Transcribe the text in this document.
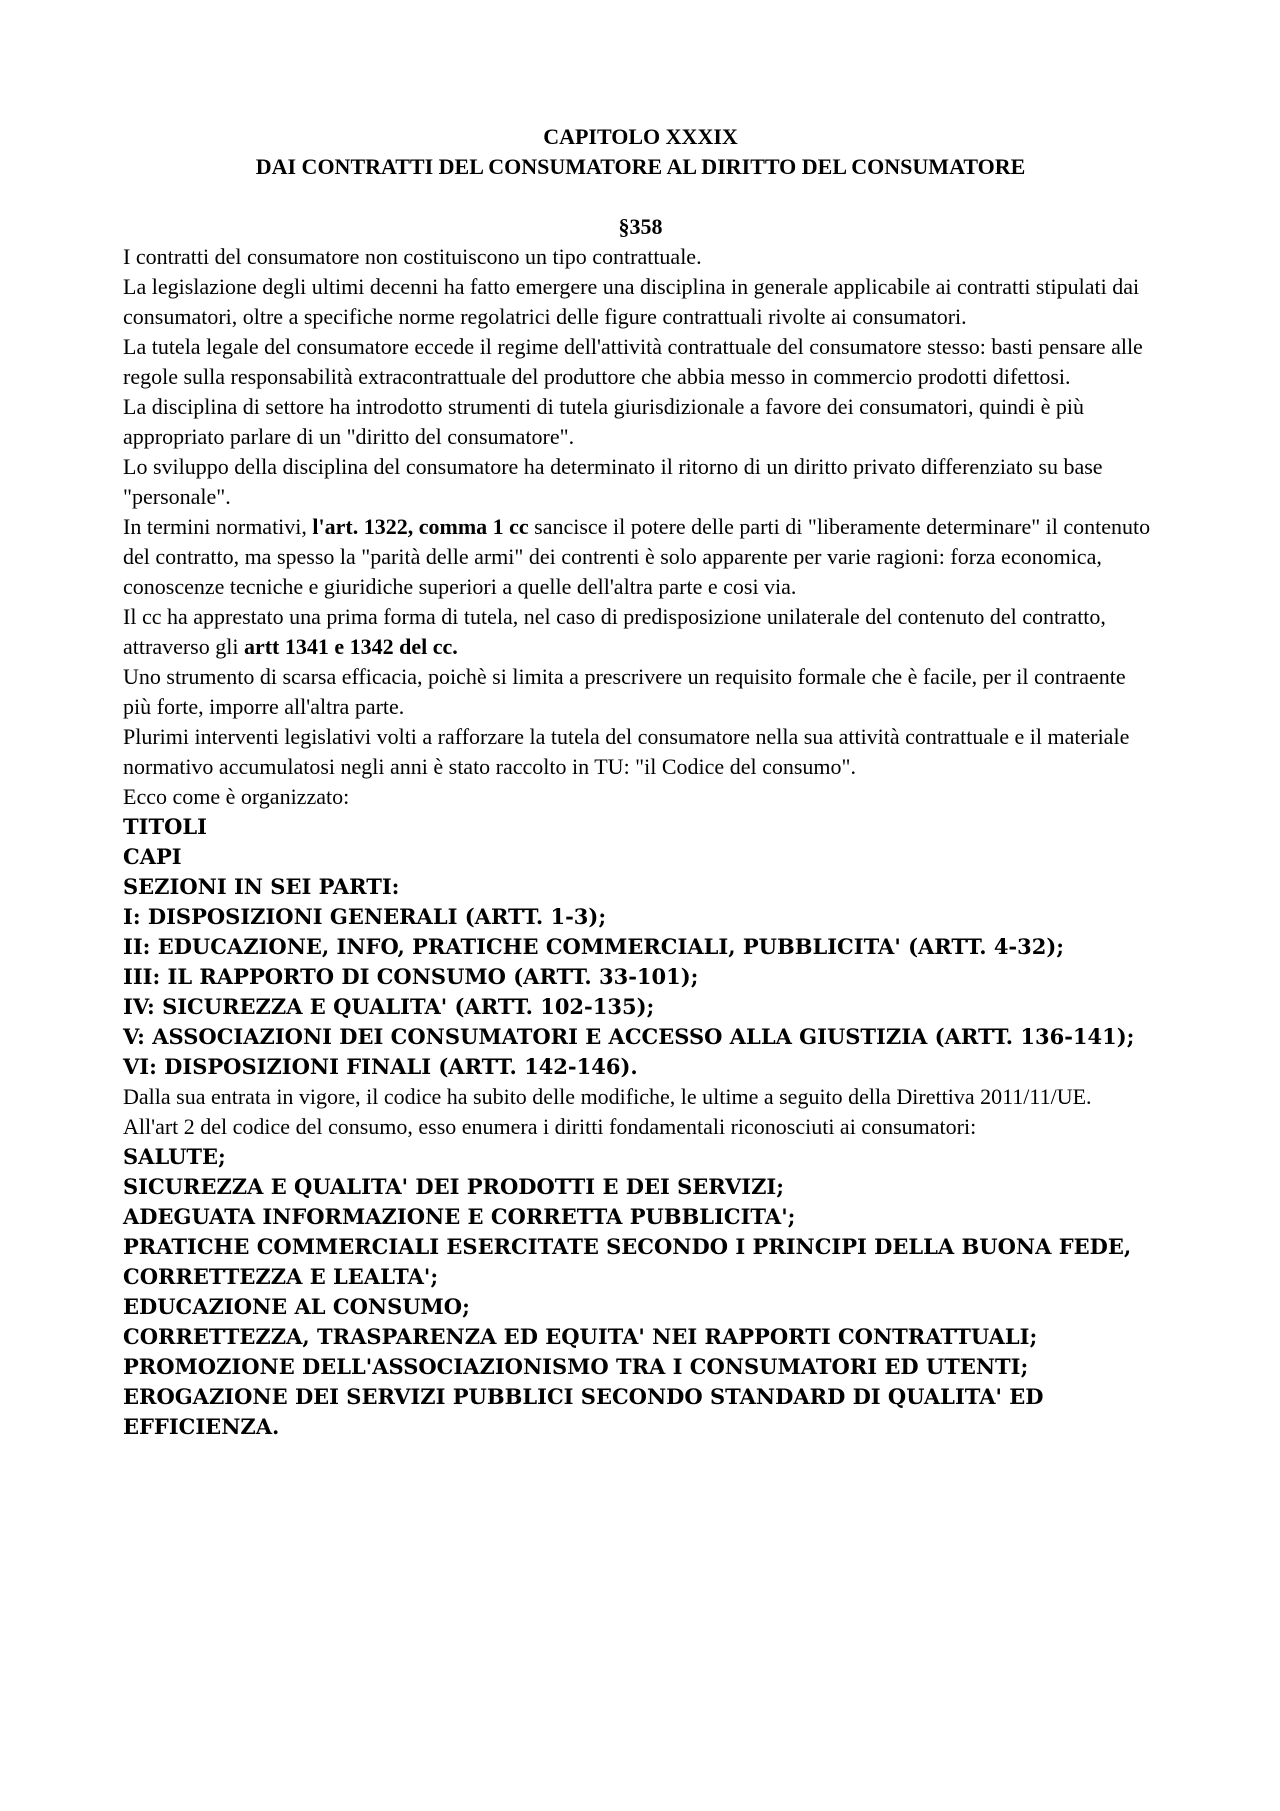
CAPITOLO XXXIX

DAI CONTRATTI DEL CONSUMATORE AL DIRITTO DEL CONSUMATORE

§358

I contratti del consumatore non costituiscono un tipo contrattuale.

La legislazione degli ultimi decenni ha fatto emergere una disciplina in generale applicabile ai contratti stipulati dai consumatori, oltre a specifiche norme regolatrici delle figure contrattuali rivolte ai consumatori.

La tutela legale del consumatore eccede il regime dell'attività contrattuale del consumatore stesso: basti pensare alle regole sulla responsabilità extracontrattuale del produttore che abbia messo in commercio prodotti difettosi.

La disciplina di settore ha introdotto strumenti di tutela giurisdizionale a favore dei consumatori, quindi è più appropriato parlare di un "diritto del consumatore".

Lo sviluppo della disciplina del consumatore ha determinato il ritorno di un diritto privato differenziato su base "personale".

In termini normativi, l'art. 1322, comma 1 cc sancisce il potere delle parti di "liberamente determinare" il contenuto del contratto, ma spesso la "parità delle armi" dei contrenti è solo apparente per varie ragioni: forza economica, conoscenze tecniche e giuridiche superiori a quelle dell'altra parte e cosi via.

Il cc ha apprestato una prima forma di tutela, nel caso di predisposizione unilaterale del contenuto del contratto, attraverso gli artt 1341 e 1342 del cc.

Uno strumento di scarsa efficacia, poichè si limita a prescrivere un requisito formale che è facile, per il contraente più forte, imporre all'altra parte.

Plurimi interventi legislativi volti a rafforzare la tutela del consumatore nella sua attività contrattuale e il materiale normativo accumulatosi negli anni è stato raccolto in TU: "il Codice del consumo".

Ecco come è organizzato:

TITOLI

CAPI

SEZIONI IN SEI PARTI:

I: DISPOSIZIONI GENERALI (ARTT. 1-3);

II: EDUCAZIONE, INFO, PRATICHE COMMERCIALI, PUBBLICITA' (ARTT. 4-32);

III: IL RAPPORTO DI CONSUMO (ARTT. 33-101);

IV: SICUREZZA E QUALITA' (ARTT. 102-135);

V: ASSOCIAZIONI DEI CONSUMATORI E ACCESSO ALLA GIUSTIZIA (ARTT. 136-141);

VI: DISPOSIZIONI FINALI (ARTT. 142-146).

Dalla sua entrata in vigore, il codice ha subito delle modifiche, le ultime a seguito della Direttiva 2011/11/UE.

All'art 2 del codice del consumo, esso enumera i diritti fondamentali riconosciuti ai consumatori:

SALUTE;

SICUREZZA E QUALITA' DEI PRODOTTI E DEI SERVIZI;

ADEGUATA INFORMAZIONE E CORRETTA PUBBLICITA';

PRATICHE COMMERCIALI ESERCITATE SECONDO I PRINCIPI DELLA BUONA FEDE, CORRETTEZZA E LEALTA';

EDUCAZIONE AL CONSUMO;

CORRETTEZZA, TRASPARENZA ED EQUITA' NEI RAPPORTI CONTRATTUALI;

PROMOZIONE DELL'ASSOCIAZIONISMO TRA I CONSUMATORI ED UTENTI;

EROGAZIONE DEI SERVIZI PUBBLICI SECONDO STANDARD DI QUALITA' ED EFFICIENZA.
